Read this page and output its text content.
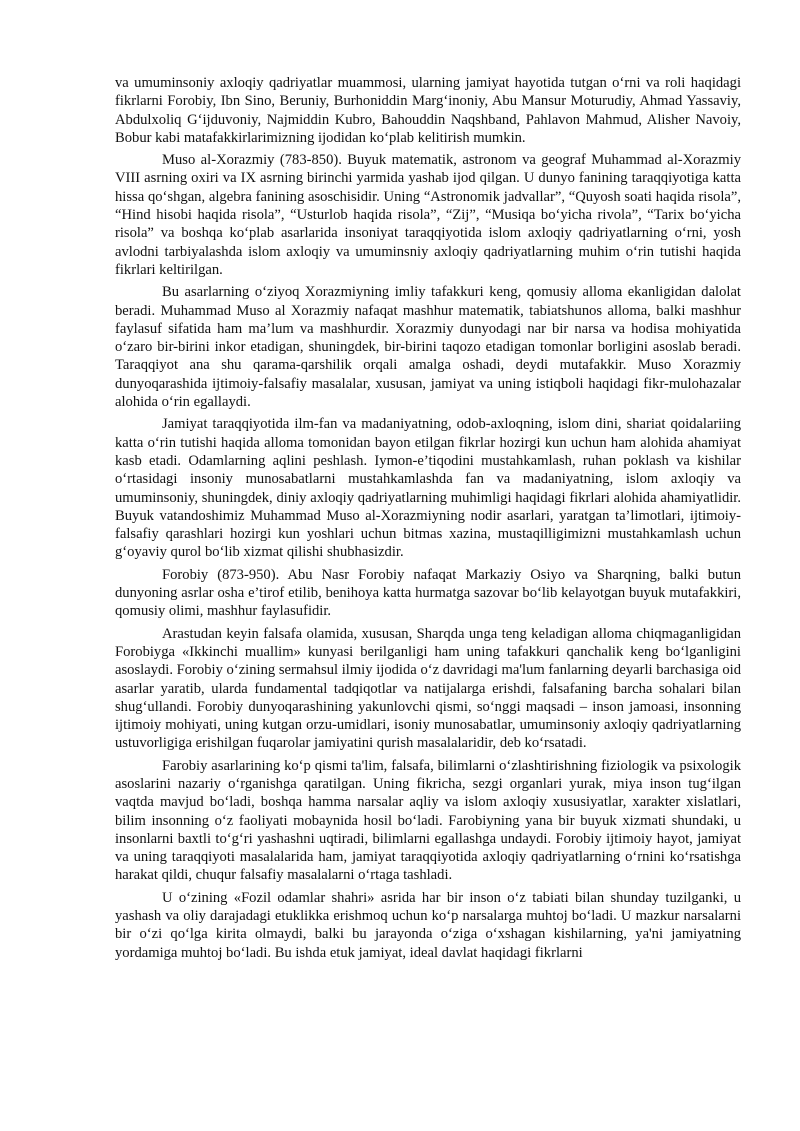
va umuminsoniy axloqiy qadriyatlar muammosi, ularning jamiyat hayotida tutgan o‘rni va roli haqidagi fikrlarni Forobiy, Ibn Sino, Beruniy, Burhoniddin Marg‘inoniy, Abu Mansur Moturudiy, Ahmad Yassaviy, Abdulxoliq G‘ijduvoniy, Najmiddin Kubro, Bahouddin Naqshband, Pahlavon Mahmud, Alisher Navoiy, Bobur kabi matafakkirlarimizning ijodidan ko‘plab kelitirish mumkin.

Muso al-Xorazmiy (783-850). Buyuk matematik, astronom va geograf Muhammad al-Xorazmiy VIII asrning oxiri va IX asrning birinchi yarmida yashab ijod qilgan. U dunyo fanining taraqqiyotiga katta hissa qo‘shgan, algebra fanining asoschisidir. Uning “Astronomik jadvallar”, “Quyosh soati haqida risola”, “Hind hisobi haqida risola”, “Usturlob haqida risola”, “Zij”, “Musiqa bo‘yicha rivola”, “Tarix bo‘yicha risola” va boshqa ko‘plab asarlarida insoniyat taraqqiyotida islom axloqiy qadriyatlarning o‘rni, yosh avlodni tarbiyalashda islom axloqiy va umuminsniy axloqiy qadriyatlarning muhim o‘rin tutishi haqida fikrlari keltirilgan.

Bu asarlarning o‘ziyoq Xorazmiyning imliy tafakkuri keng, qomusiy alloma ekanligidan dalolat beradi. Muhammad Muso al Xorazmiy nafaqat mashhur matematik, tabiatshunos alloma, balki mashhur faylasuf sifatida ham ma’lum va mashhurdir. Xorazmiy dunyodagi nar bir narsa va hodisa mohiyatida o‘zaro bir-birini inkor etadigan, shuningdek, bir-birini taqozo etadigan tomonlar borligini asoslab beradi. Taraqqiyot ana shu qarama-qarshilik orqali amalga oshadi, deydi mutafakkir. Muso Xorazmiy dunyoqarashida ijtimoiy-falsafiy masalalar, xususan, jamiyat va uning istiqboli haqidagi fikr-mulohazalar alohida o‘rin egallaydi.

Jamiyat taraqqiyotida ilm-fan va madaniyatning, odob-axloqning, islom dini, shariat qoidalariing katta o‘rin tutishi haqida alloma tomonidan bayon etilgan fikrlar hozirgi kun uchun ham alohida ahamiyat kasb etadi. Odamlarning aqlini peshlash. Iymon-e’tiqodini mustahkamlash, ruhan poklash va kishilar o‘rtasidagi insoniy munosabatlarni mustahkamlashda fan va madaniyatning, islom axloqiy va umuminsoniy, shuningdek, diniy axloqiy qadriyatlarning muhimligi haqidagi fikrlari alohida ahamiyatlidir. Buyuk vatandoshimiz Muhammad Muso al-Xorazmiyning nodir asarlari, yaratgan ta’limotlari, ijtimoiy-falsafiy qarashlari hozirgi kun yoshlari uchun bitmas xazina, mustaqilligimizni mustahkamlash uchun g‘oyaviy qurol bo‘lib xizmat qilishi shubhasizdir.

Forobiy (873-950). Abu Nasr Forobiy nafaqat Markaziy Osiyo va Sharqning, balki butun dunyoning asrlar osha e’tirof etilib, benihoya katta hurmatga sazovar bo‘lib kelayotgan buyuk mutafakkiri, qomusiy olimi, mashhur faylasufidir.

Arastudan keyin falsafa olamida, xususan, Sharqda unga teng keladigan alloma chiqmaganligidan Forobiyga «Ikkinchi muallim» kunyasi berilganligi ham uning tafakkuri qanchalik keng bo‘lganligini asoslaydi. Forobiy o‘zining sermahsul ilmiy ijodida o‘z davridagi ma'lum fanlarning deyarli barchasiga oid asarlar yaratib, ularda fundamental tadqiqotlar va natijalarga erishdi, falsafaning barcha sohalari bilan shug‘ullandi. Forobiy dunyoqarashining yakunlovchi qismi, so‘nggi maqsadi – inson jamoasi, insonning ijtimoiy mohiyati, uning kutgan orzu-umidlari, isoniy munosabatlar, umuminsoniy axloqiy qadriyatlarning ustuvorligiga erishilgan fuqarolar jamiyatini qurish masalalaridir, deb ko‘rsatadi.

Farobiy asarlarining ko‘p qismi ta'lim, falsafa, bilimlarni o‘zlashtirishning fiziologik va psixologik asoslarini nazariy o‘rganishga qaratilgan. Uning fikricha, sezgi organlari yurak, miya inson tug‘ilgan vaqtda mavjud bo‘ladi, boshqa hamma narsalar aqliy va islom axloqiy xususiyatlar, xarakter xislatlari, bilim insonning o‘z faoliyati mobaynida hosil bo‘ladi. Farobiyning yana bir buyuk xizmati shundaki, u insonlarni baxtli to‘g‘ri yashashni uqtiradi, bilimlarni egallashga undaydi. Forobiy ijtimoiy hayot, jamiyat va uning taraqqiyoti masalalarida ham, jamiyat taraqqiyotida axloqiy qadriyatlarning o‘rnini ko‘rsatishga harakat qildi, chuqur falsafiy masalalarni o‘rtaga tashladi.

U o‘zining «Fozil odamlar shahri» asrida har bir inson o‘z tabiati bilan shunday tuzilganki, u yashash va oliy darajadagi etuklikka erishmoq uchun ko‘p narsalarga muhtoj bo‘ladi. U mazkur narsalarni bir o‘zi qo‘lga kirita olmaydi, balki bu jarayonda o‘ziga o‘xshagan kishilarning, ya'ni jamiyatning yordamiga muhtoj bo‘ladi. Bu ishda etuk jamiyat, ideal davlat haqidagi fikrlarni
